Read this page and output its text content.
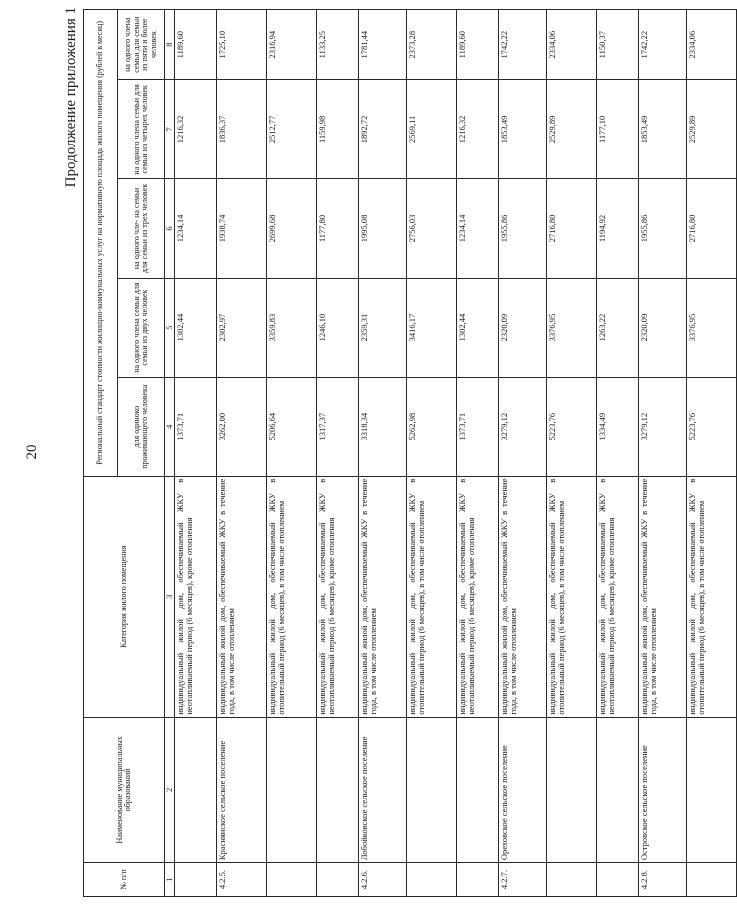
20
Продолжение приложения 1
№ п/п	Наименование муниципальных образований	Категория жилого помещения	Региональный стандарт стоимости жилищно-коммунальных услуг на нормативную площадь жилого помещения (рублей в месяц)				
			для одиноко проживающего человека	на одного члена семьи для семьи из двух человек	на одного чле- на семьи для семьи из трех человек	на одного члена семьи для семьи из четырех человек	на одного члена семьи для семьи из пяти и более человек
1	2	3	4	5	6	7	8
		индивидуальный жилой дом, обеспечиваемый ЖКУ в неотапливаемый период (6 месяцев), кроме отопления	1373,71	1302,44	1234,14	1216,32	1189,60
4.2.5.	Краснянское сельское поселение	индивидуальный жилой дом, обеспечиваемый ЖКУ в течение года, в том числе отоплением	3262,00	2302,97	1938,74	1836,37	1725,10
		индивидуальный жилой дом, обеспечиваемый ЖКУ в отопительный период (6 месяцев), в том числе отоплением	5206,64	3359,83	2699,68	2512,77	2316,94
		индивидуальный жилой дом, обеспечиваемый ЖКУ в неотапливаемый период (6 месяцев), кроме отопления	1317,37	1246,10	1177,80	1159,98	1133,25
4.2.6.	Лобойковское сельское поселение	индивидуальный жилой дом, обеспечиваемый ЖКУ в течение года, в том числе отоплением	3318,34	2359,31	1995,08	1892,72	1781,44
		индивидуальный жилой дом, обеспечиваемый ЖКУ в отопительный период (6 месяцев), в том числе отоплением	5262,98	3416,17	2756,03	2569,11	2373,28
		индивидуальный жилой дом, обеспечиваемый ЖКУ в неотапливаемый период (6 месяцев), кроме отопления	1373,71	1302,44	1234,14	1216,32	1189,60
4.2.7.	Ореховское сельское поселение	индивидуальный жилой дом, обеспечиваемый ЖКУ в течение года, в том числе отоплением	3279,12	2320,09	1955,86	1853,49	1742,22
		индивидуальный жилой дом, обеспечиваемый ЖКУ в отопительный период (6 месяцев), в том числе отоплением	5223,76	3376,95	2716,80	2529,89	2334,06
		индивидуальный жилой дом, обеспечиваемый ЖКУ в неотапливаемый период (6 месяцев), кроме отопления	1334,49	1263,22	1194,92	1177,10	1150,37
4.2.8.	Островское сельское поселение	индивидуальный жилой дом, обеспечиваемый ЖКУ в течение года, в том числе отоплением	3279,12	2320,09	1955,86	1853,49	1742,22
		индивидуальный жилой дом, обеспечиваемый ЖКУ в отопительный период (6 месяцев), в том числе отоплением	5223,76	3376,95	2716,80	2529,89	2334,06
